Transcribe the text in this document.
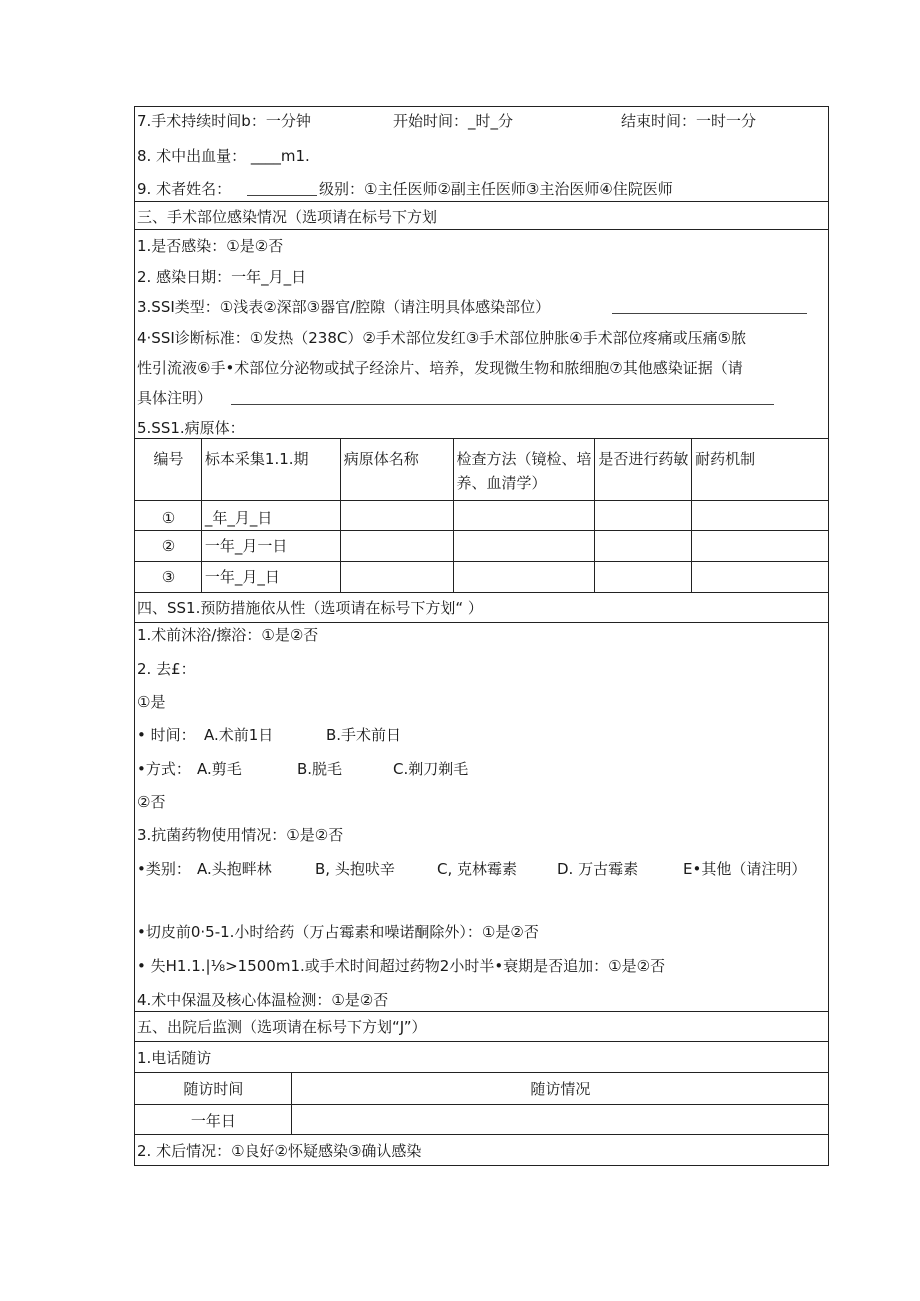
7.手术持续时间b：一分钟	开始时间：_时_分	结束时间：一时一分
8. 术中出血量： ____m1.
9. 术者姓名：	级别：①主任医师②副主任医师③主治医师④住院医师
三、手术部位感染情况（选项请在标号下方划
1.是否感染：①是②否
2. 感染日期：一年_月_日
3.SSI类型：①浅表②深部③器官/腔隙（请注明具体感染部位）
4·SSI诊断标准：①发热（238C）②手术部位发红③手术部位肿胀④手术部位疼痛或压痛⑤脓
性引流液⑥手•术部位分泌物或拭子经涂片、培养，发现微生物和脓细胞⑦其他感染证据（请
具体注明）
5.SS1.病原体：
编号	标本采集1.1.期	病原体名称	检查方法（镜检、培养、血清学）	是否进行药敏	耐药机制
①	_年_月_日				
②	一年_月一日				
③	一年_月_日				
四、SS1.预防措施依从性（选项请在标号下方划“ ）
1.术前沐浴/擦浴：①是②否
2. 去£：
①是
• 时间： A.术前1日	B.手术前日
•方式： A.剪毛	B.脱毛	C.剃刀剃毛
②否
3.抗菌药物使用情况：①是②否
•类别： A.头抱畔林	B, 头抱吠辛	C, 克林霉素	D. 万古霉素	E•其他（请注明）
•切皮前0·5-1.小时给药（万占霉素和噪诺酮除外）：①是②否
• 失H1.1.|⅛>1500m1.或手术时间超过药物2小时半•衰期是否追加：①是②否
4.术中保温及核心体温检测：①是②否
五、出院后监测（选项请在标号下方划“J”）
1.电话随访
随访时间	随访情况
一年日	
2. 术后情况：①良好②怀疑感染③确认感染
